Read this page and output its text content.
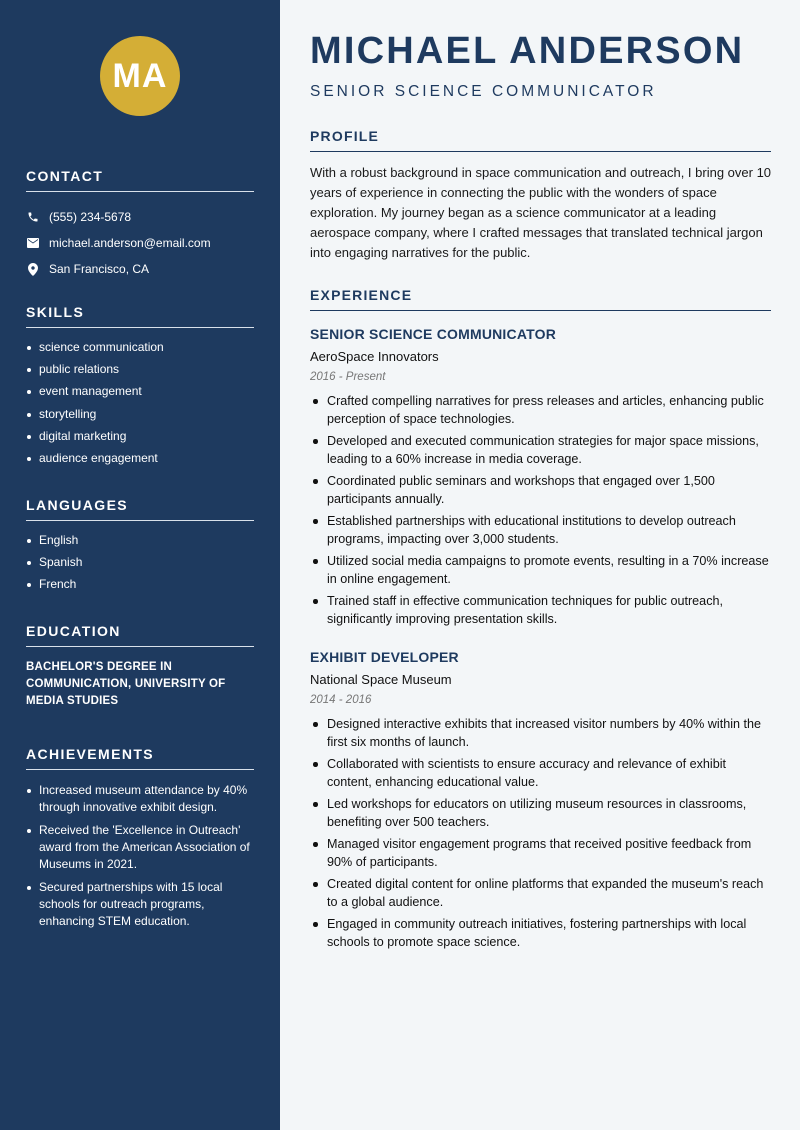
MA
CONTACT
(555) 234-5678
michael.anderson@email.com
San Francisco, CA
SKILLS
science communication
public relations
event management
storytelling
digital marketing
audience engagement
LANGUAGES
English
Spanish
French
EDUCATION
BACHELOR'S DEGREE IN COMMUNICATION, UNIVERSITY OF MEDIA STUDIES
ACHIEVEMENTS
Increased museum attendance by 40% through innovative exhibit design.
Received the 'Excellence in Outreach' award from the American Association of Museums in 2021.
Secured partnerships with 15 local schools for outreach programs, enhancing STEM education.
MICHAEL ANDERSON
SENIOR SCIENCE COMMUNICATOR
PROFILE
With a robust background in space communication and outreach, I bring over 10 years of experience in connecting the public with the wonders of space exploration. My journey began as a science communicator at a leading aerospace company, where I crafted messages that translated technical jargon into engaging narratives for the public.
EXPERIENCE
SENIOR SCIENCE COMMUNICATOR
AeroSpace Innovators
2016 - Present
Crafted compelling narratives for press releases and articles, enhancing public perception of space technologies.
Developed and executed communication strategies for major space missions, leading to a 60% increase in media coverage.
Coordinated public seminars and workshops that engaged over 1,500 participants annually.
Established partnerships with educational institutions to develop outreach programs, impacting over 3,000 students.
Utilized social media campaigns to promote events, resulting in a 70% increase in online engagement.
Trained staff in effective communication techniques for public outreach, significantly improving presentation skills.
EXHIBIT DEVELOPER
National Space Museum
2014 - 2016
Designed interactive exhibits that increased visitor numbers by 40% within the first six months of launch.
Collaborated with scientists to ensure accuracy and relevance of exhibit content, enhancing educational value.
Led workshops for educators on utilizing museum resources in classrooms, benefiting over 500 teachers.
Managed visitor engagement programs that received positive feedback from 90% of participants.
Created digital content for online platforms that expanded the museum's reach to a global audience.
Engaged in community outreach initiatives, fostering partnerships with local schools to promote space science.
